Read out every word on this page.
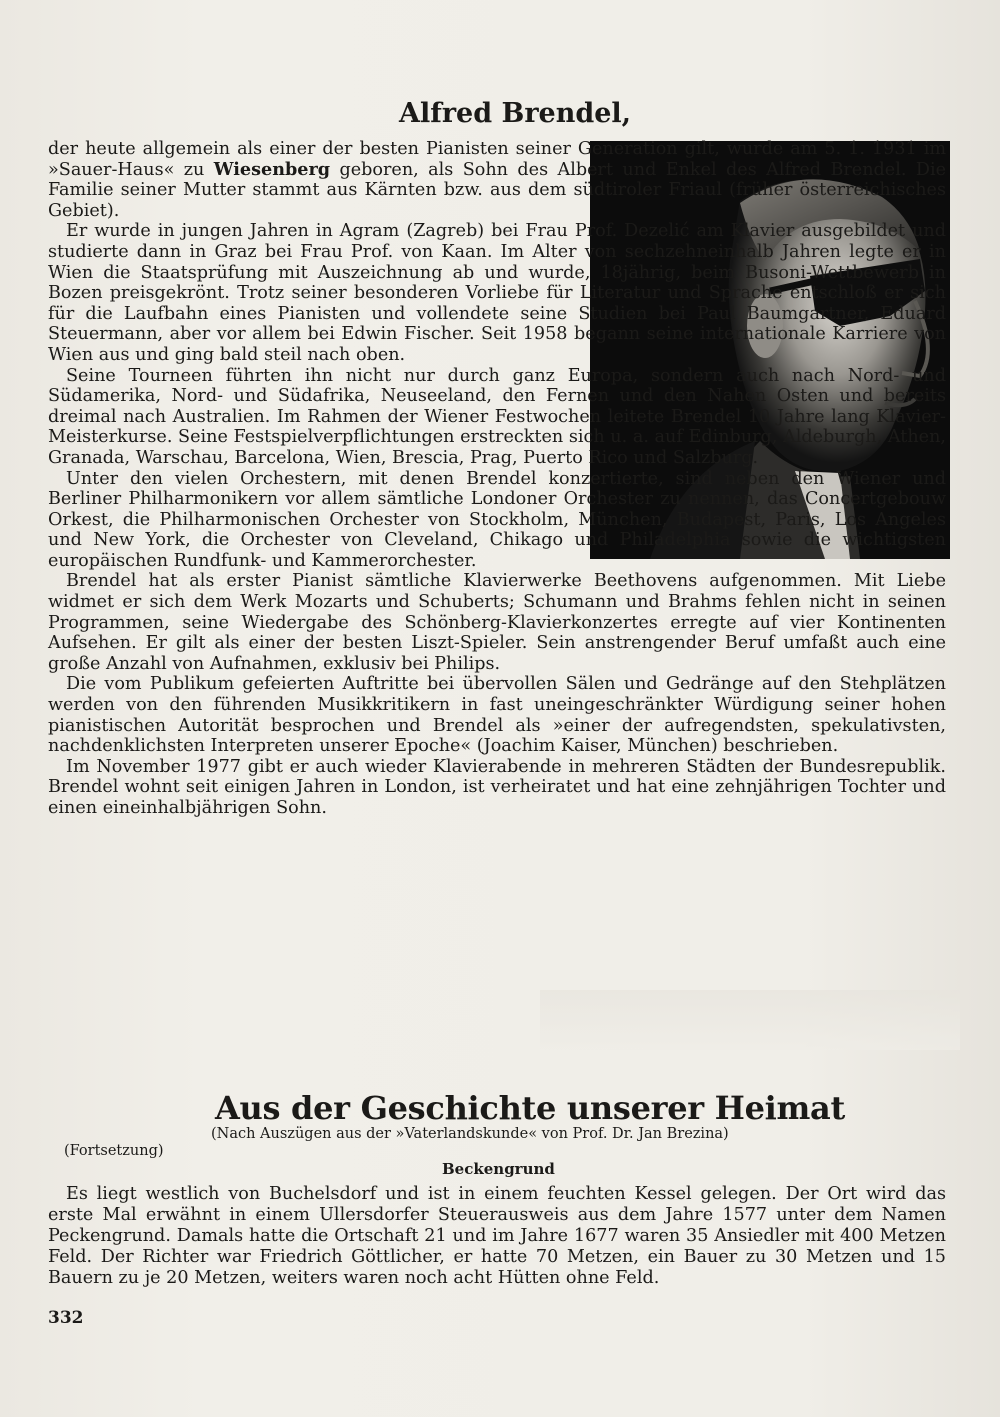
Alfred Brendel,

der heute allgemein als einer der besten Pianisten seiner Generation gilt, wurde am 5. 1. 1931 im »Sauer-Haus« zu Wiesenberg geboren, als Sohn des Albert und Enkel des Alfred Brendel. Die Familie seiner Mutter stammt aus Kärnten bzw. aus dem südtiroler Friaul (früher österreichisches Gebiet).

Er wurde in jungen Jahren in Agram (Zagreb) bei Frau Prof. Dezelić am Klavier ausgebildet und studierte dann in Graz bei Frau Prof. von Kaan. Im Alter von sechzehneinhalb Jahren legte er in Wien die Staatsprüfung mit Auszeichnung ab und wurde, 18jährig, beim Busoni-Wettbewerb in Bozen preisgekrönt. Trotz seiner besonderen Vorliebe für Literatur und Sprache entschloß er sich für die Laufbahn eines Pianisten und vollendete seine Studien bei Paul Baumgartner, Eduard Steuermann, aber vor allem bei Edwin Fischer. Seit 1958 begann seine internationale Karriere von Wien aus und ging bald steil nach oben.

Seine Tourneen führten ihn nicht nur durch ganz Europa, sondern auch nach Nord- und Südamerika, Nord- und Südafrika, Neuseeland, den Fernen und den Nahen Osten und bereits dreimal nach Australien. Im Rahmen der Wiener Festwochen leitete Brendel 10 Jahre lang Klavier-Meisterkurse. Seine Festspielverpflichtungen erstreckten sich u. a. auf Edinburg, Aldeburgh, Athen, Granada, Warschau, Barcelona, Wien, Brescia, Prag, Puerto Rico und Salzburg.

Unter den vielen Orchestern, mit denen Brendel konzertierte, sind neben den Wiener und Berliner Philharmonikern vor allem sämtliche Londoner Orchester zu nennen, das Concertgebouw Orkest, die Philharmonischen Orchester von Stockholm, München, Budapest, Paris, Los Angeles und New York, die Orchester von Cleveland, Chikago und Philadelphia sowie die wichtigsten europäischen Rundfunk- und Kammerorchester.

Brendel hat als erster Pianist sämtliche Klavierwerke Beethovens aufgenommen. Mit Liebe widmet er sich dem Werk Mozarts und Schuberts; Schumann und Brahms fehlen nicht in seinen Programmen, seine Wiedergabe des Schönberg-Klavierkonzertes erregte auf vier Kontinenten Aufsehen. Er gilt als einer der besten Liszt-Spieler. Sein anstrengender Beruf umfaßt auch eine große Anzahl von Aufnahmen, exklusiv bei Philips.

Die vom Publikum gefeierten Auftritte bei übervollen Sälen und Gedränge auf den Stehplätzen werden von den führenden Musikkritikern in fast uneingeschränkter Würdigung seiner hohen pianistischen Autorität besprochen und Brendel als »einer der aufregendsten, spekulativsten, nachdenklichsten Interpreten unserer Epoche« (Joachim Kaiser, München) beschrieben.

Im November 1977 gibt er auch wieder Klavierabende in mehreren Städten der Bundesrepublik. Brendel wohnt seit einigen Jahren in London, ist verheiratet und hat eine zehnjährigen Tochter und einen eineinhalbjährigen Sohn.

Aus der Geschichte unserer Heimat
(Nach Auszügen aus der »Vaterlandskunde« von Prof. Dr. Jan Brezina)
(Fortsetzung)
Beckengrund

Es liegt westlich von Buchelsdorf und ist in einem feuchten Kessel gelegen. Der Ort wird das erste Mal erwähnt in einem Ullersdorfer Steuerausweis aus dem Jahre 1577 unter dem Namen Peckengrund. Damals hatte die Ortschaft 21 und im Jahre 1677 waren 35 Ansiedler mit 400 Metzen Feld. Der Richter war Friedrich Göttlicher, er hatte 70 Metzen, ein Bauer zu 30 Metzen und 15 Bauern zu je 20 Metzen, weiters waren noch acht Hütten ohne Feld.

332
